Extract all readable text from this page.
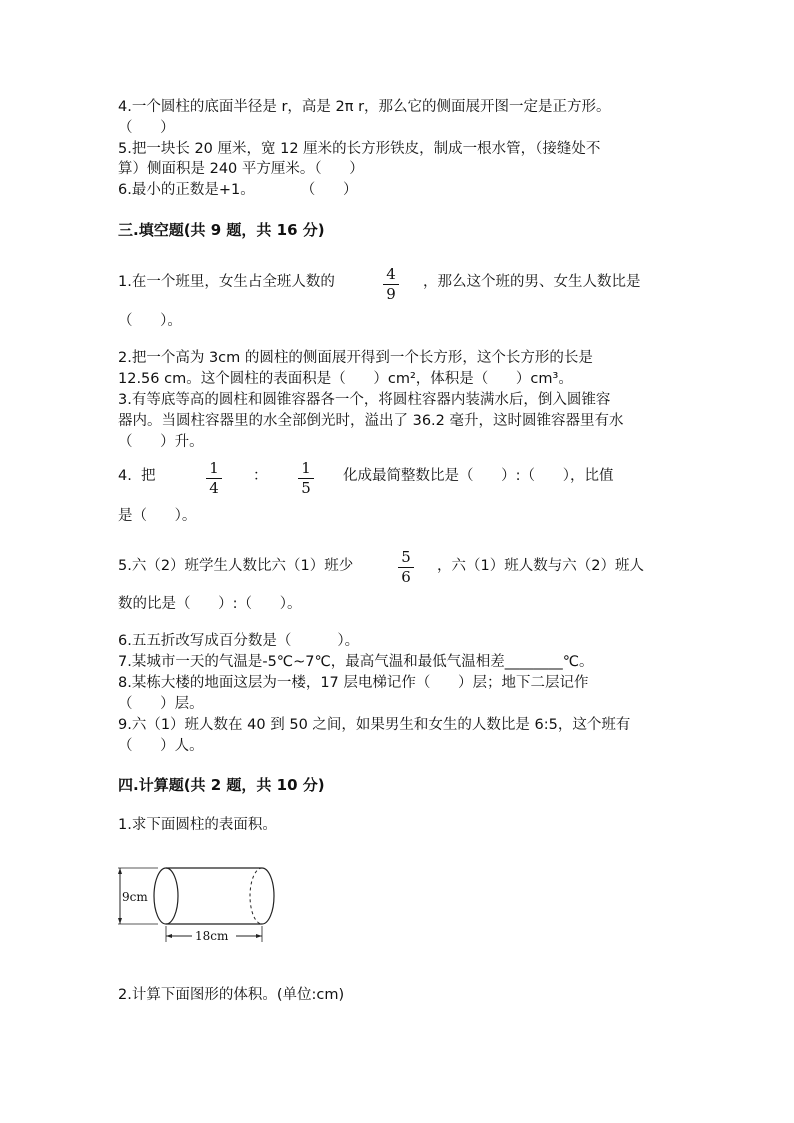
4.一个圆柱的底面半径是 r，高是 2π r，那么它的侧面展开图一定是正方形。
（      ）
5.把一块长 20 厘米，宽 12 厘米的长方形铁皮，制成一根水管，（接缝处不
算）侧面积是 240 平方厘米。（      ）
6.最小的正数是+1。          （      ）
三.填空题(共 9 题，共 16 分)
1.在一个班里，女生占全班人数的	4
9
，那么这个班的男、女生人数比是
（      ）。
2.把一个高为 3cm 的圆柱的侧面展开得到一个长方形，这个长方形的长是
12.56 cm。这个圆柱的表面积是（      ）cm²，体积是（      ）cm³。
3.有等底等高的圆柱和圆锥容器各一个，将圆柱容器内装满水后，倒入圆锥容
器内。当圆柱容器里的水全部倒光时，溢出了 36.2 毫升，这时圆锥容器里有水
（      ）升。
4.  把	1
4
： 1
5
化成最简整数比是（      ）:（      ），比值
是（      ）。
5.六（2）班学生人数比六（1）班少	5
6
，六（1）班人数与六（2）班人
数的比是（      ）:（      ）。
6.五五折改写成百分数是（          ）。
7.某城市一天的气温是-5℃~7℃，最高气温和最低气温相差________℃。
8.某栋大楼的地面这层为一楼，17 层电梯记作（      ）层；地下二层记作
（      ）层。
9.六（1）班人数在 40 到 50 之间，如果男生和女生的人数比是 6:5，这个班有
（      ）人。
四.计算题(共 2 题，共 10 分)
1.求下面圆柱的表面积。
9cm
18cm
2.计算下面图形的体积。(单位:cm)
